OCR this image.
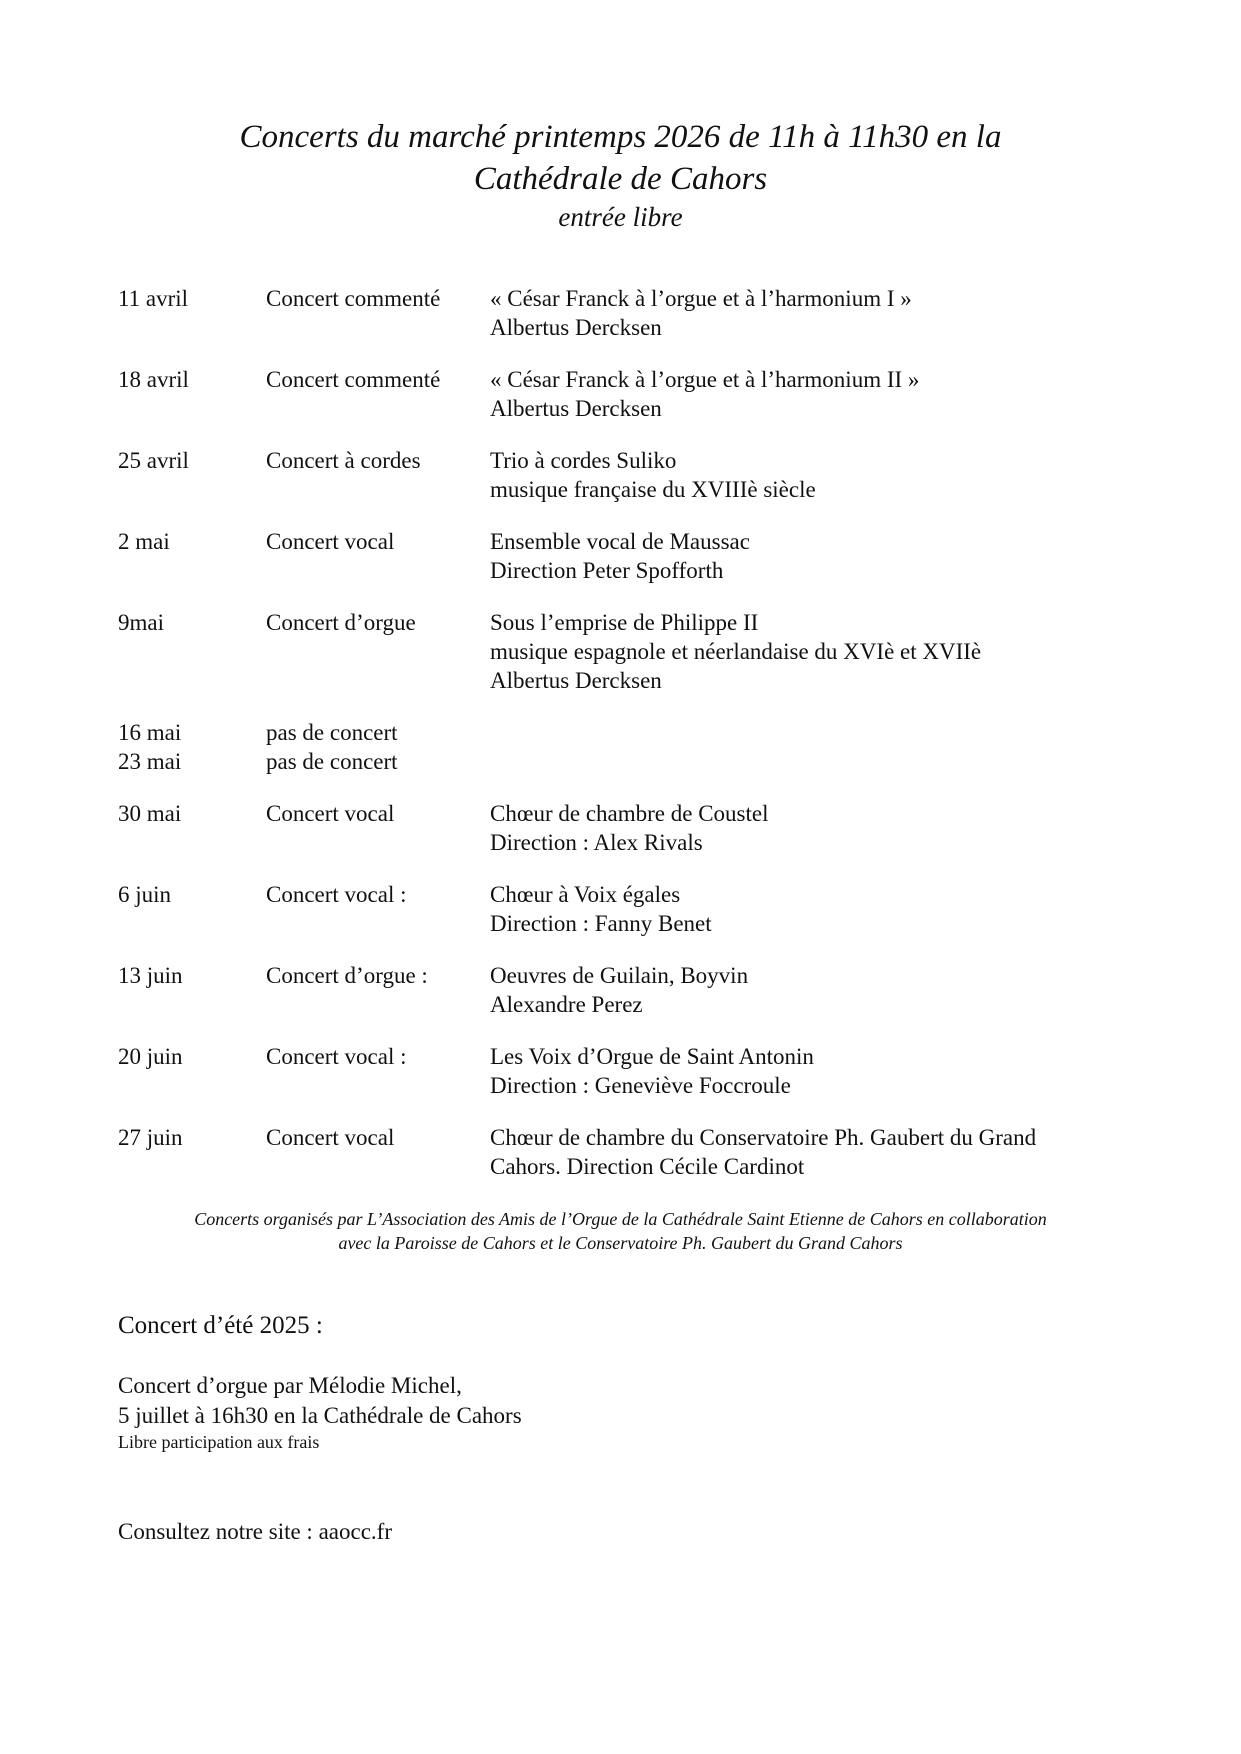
Concerts du marché printemps 2026 de 11h à 11h30 en la
Cathédrale de Cahors
entrée libre
11 avril	Concert commenté	« César Franck à l’orgue et à l’harmonium I »
Albertus Dercksen
18 avril	Concert commenté	« César Franck à l’orgue et à l’harmonium II »
Albertus Dercksen
25 avril	Concert à cordes	Trio à cordes Suliko
musique française du XVIIIè siècle
2 mai	Concert vocal	Ensemble vocal de Maussac
Direction Peter Spofforth
9mai	Concert d’orgue	Sous l’emprise de Philippe II
musique espagnole et néerlandaise du XVIè et XVIIè
Albertus Dercksen
16 mai	pas de concert
23 mai	pas de concert
30 mai	Concert vocal	Chœur de chambre de Coustel
Direction : Alex Rivals
6 juin	Concert vocal :	Chœur à Voix égales
Direction : Fanny Benet
13 juin	Concert d’orgue :	Oeuvres de Guilain, Boyvin
Alexandre Perez
20 juin	Concert vocal :	Les Voix d’Orgue de Saint Antonin
Direction : Geneviève Foccroule
27 juin	Concert vocal	Chœur de chambre du Conservatoire Ph. Gaubert du Grand
Cahors. Direction Cécile Cardinot
Concerts organisés par L’Association des Amis de l’Orgue de la Cathédrale Saint Etienne de Cahors en collaboration
avec la Paroisse de Cahors et le Conservatoire Ph. Gaubert du Grand Cahors
Concert d’été 2025 :
Concert d’orgue par Mélodie Michel,
5 juillet à 16h30 en la Cathédrale de Cahors
Libre participation aux frais
Consultez notre site : aaocc.fr
